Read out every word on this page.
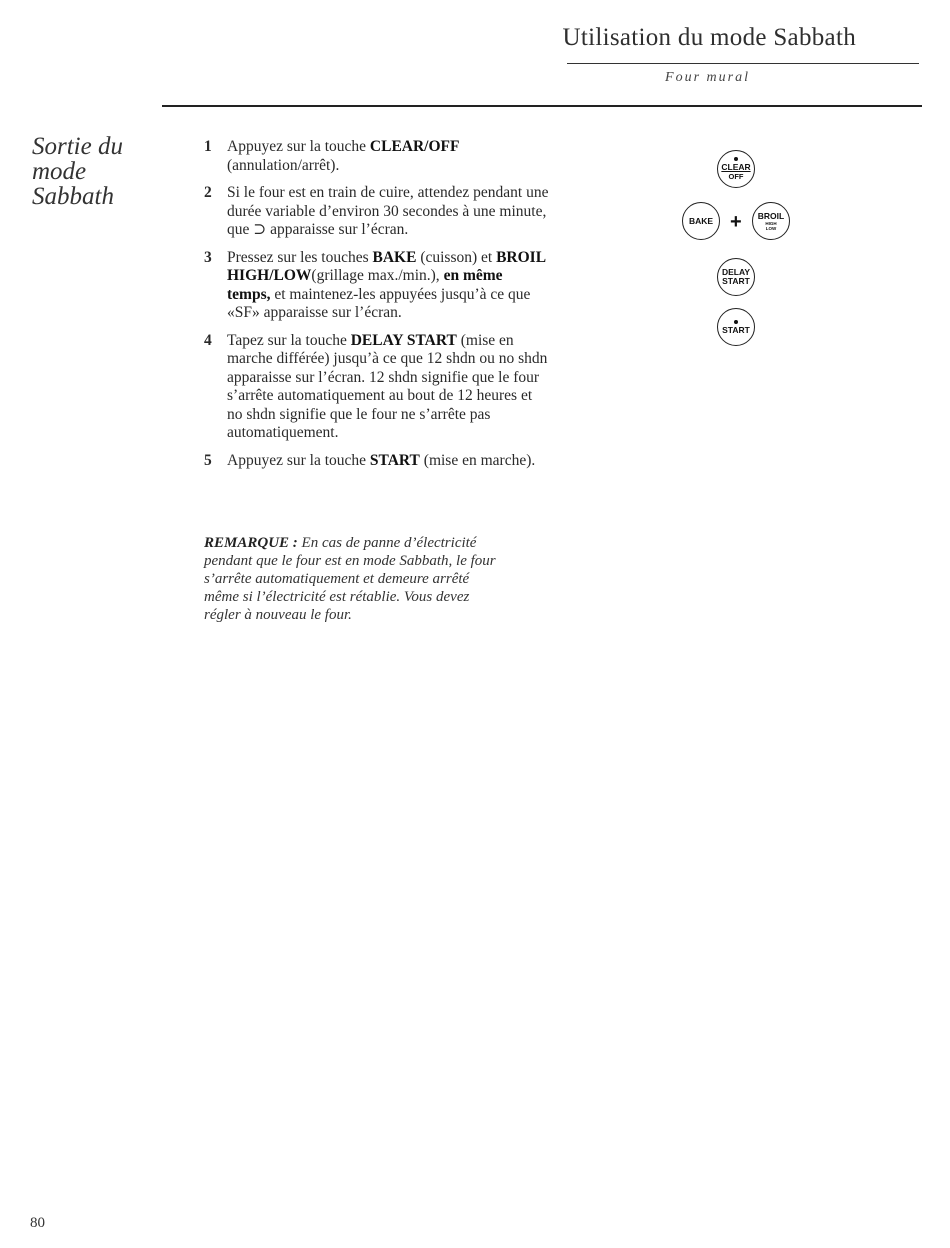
Utilisation du mode Sabbath
Four mural
Sortie du
mode
Sabbath
1 Appuyez sur la touche CLEAR/OFF (annulation/arrêt).
2 Si le four est en train de cuire, attendez pendant une durée variable d’environ 30 secondes à une minute, que ⊃ apparaisse sur l’écran.
3 Pressez sur les touches BAKE (cuisson) et BROIL HIGH/LOW(grillage max./min.), en même temps, et maintenez-les appuyées jusqu’à ce que «SF» apparaisse sur l’écran.
4 Tapez sur la touche DELAY START (mise en marche différée) jusqu’à ce que 12 shdn ou no shdn apparaisse sur l’écran. 12 shdn signifie que le four s’arrête automatiquement au bout de 12 heures et no shdn signifie que le four ne s’arrête pas automatiquement.
5 Appuyez sur la touche START (mise en marche).
REMARQUE : En cas de panne d’électricité pendant que le four est en mode Sabbath, le four s’arrête automatiquement et demeure arrêté même si l’électricité est rétablie. Vous devez régler à nouveau le four.
CLEAR
OFF
BAKE + BROIL
HIGH
LOW
DELAY
START
START
80
